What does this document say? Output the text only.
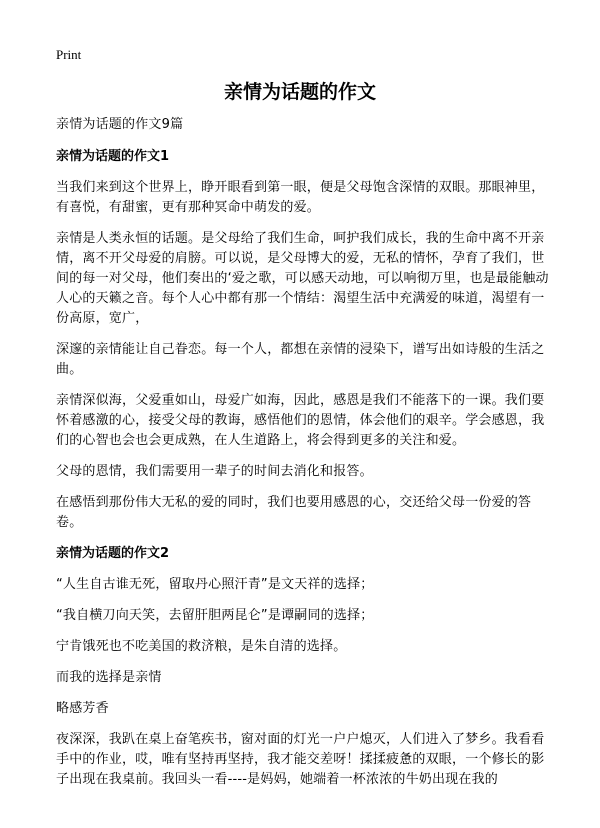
Print
亲情为话题的作文

亲情为话题的作文9篇

亲情为话题的作文1

当我们来到这个世界上，睁开眼看到第一眼，便是父母饱含深情的双眼。那眼神里，有喜悦，有甜蜜，更有那种冥命中萌发的爱。

亲情是人类永恒的话题。是父母给了我们生命，呵护我们成长，我的生命中离不开亲情，离不开父母爱的肩膀。可以说，是父母博大的爱，无私的情怀，孕育了我们，世间的每一对父母，他们奏出的‘爱之歌，可以感天动地，可以响彻万里，也是最能触动人心的天籁之音。每个人心中都有那一个情结：渴望生活中充满爱的味道，渴望有一份高原，宽广，

深邃的亲情能让自己眷恋。每一个人，都想在亲情的浸染下，谱写出如诗般的生活之曲。

亲情深似海，父爱重如山，母爱广如海，因此，感恩是我们不能落下的一课。我们要怀着感激的心，接受父母的教诲，感悟他们的恩情，体会他们的艰辛。学会感恩，我们的心智也会也会更成熟，在人生道路上，将会得到更多的关注和爱。

父母的恩情，我们需要用一辈子的时间去消化和报答。

在感悟到那份伟大无私的爱的同时，我们也要用感恩的心，交还给父母一份爱的答卷。

亲情为话题的作文2

“人生自古谁无死，留取丹心照汗青”是文天祥的选择；

“我自横刀向天笑，去留肝胆两昆仑”是谭嗣同的选择；

宁肯饿死也不吃美国的救济粮，是朱自清的选择。

而我的选择是亲情

略感芳香

夜深深，我趴在桌上奋笔疾书，窗对面的灯光一户户熄灭，人们进入了梦乡。我看看手中的作业，哎，唯有坚持再坚持，我才能交差呀！揉揉疲惫的双眼，一个修长的影子出现在我桌前。我回头一看----是妈妈，她端着一杯浓浓的牛奶出现在我的
